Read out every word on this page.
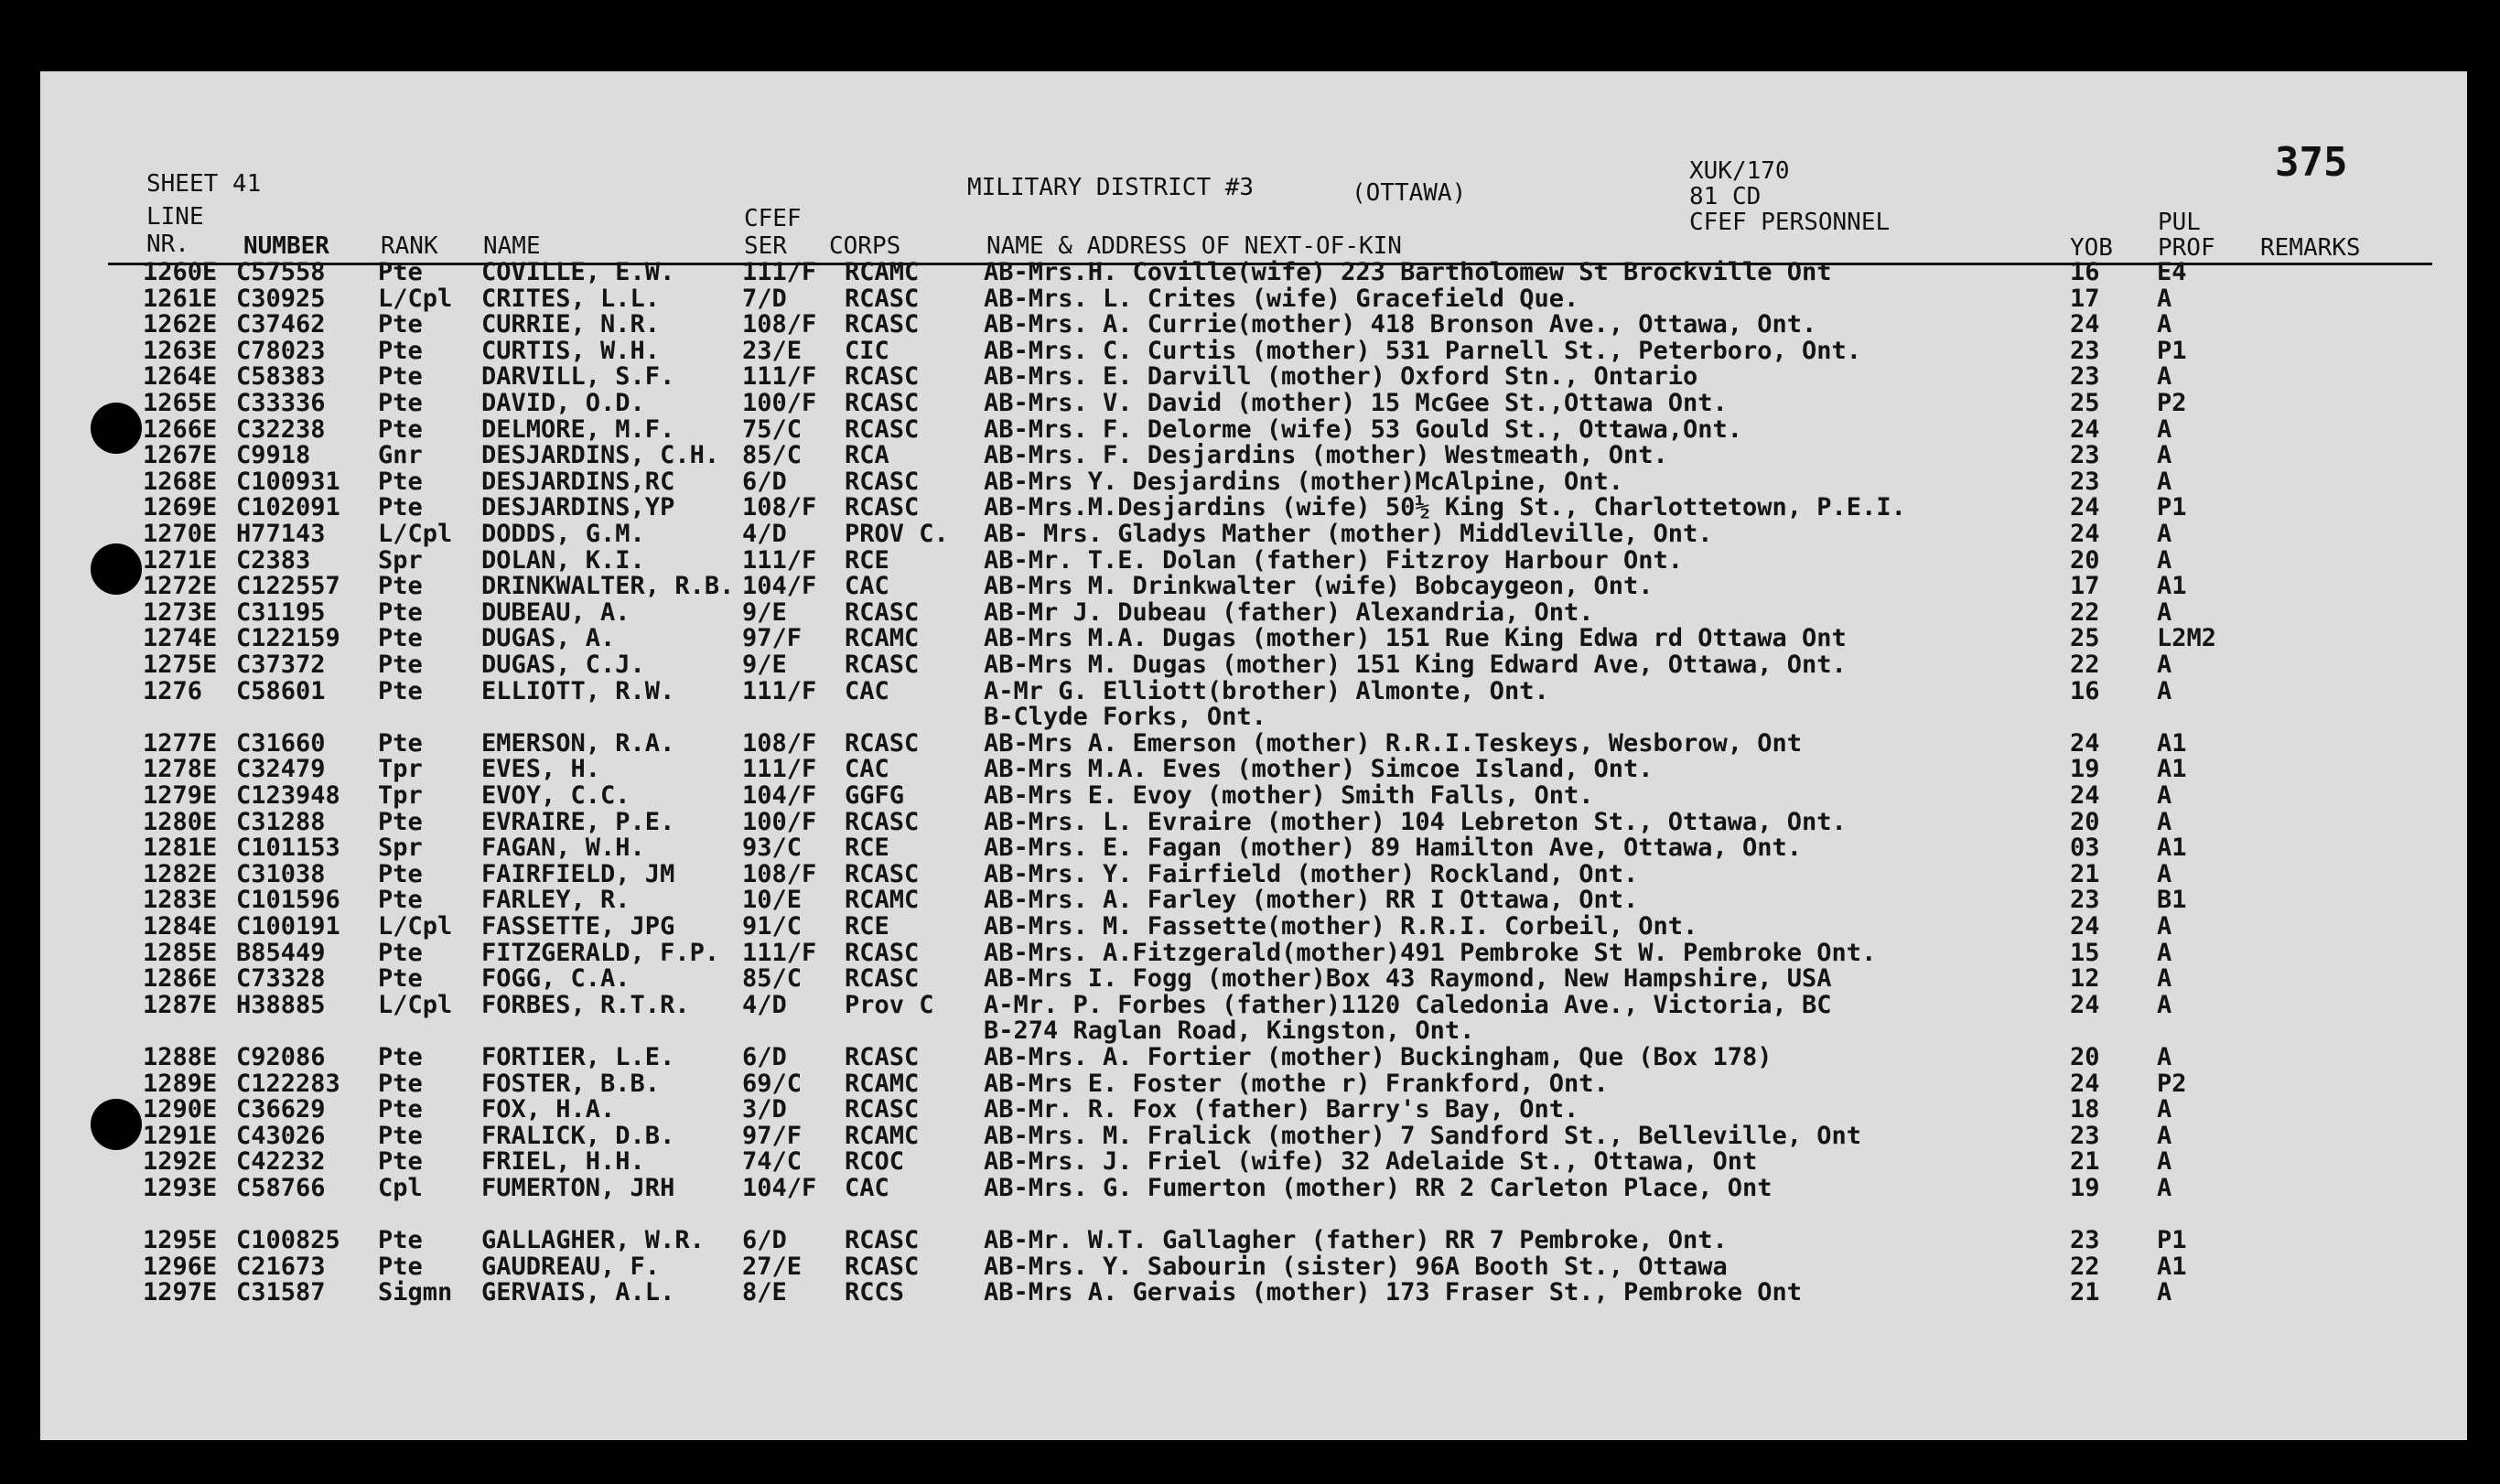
SHEET 41	MILITARY DISTRICT #3	(OTTAWA)
XUK/170
81 CD
CFEF PERSONNEL
375
LINE
NR. NUMBER RANK NAME
CFEF
SER CORPS	NAME & ADDRESS OF NEXT-OF-KIN	YOB
PUL
PROF REMARKS
1260E C57558 Pte COVILLE, E.W.	111/F RCAMC	AB-Mrs.H. Coville(wife) 223 Bartholomew St Brockville Ont	16 E4
1261E C30925 L/Cpl CRITES, L.L.	7/D RCASC	AB-Mrs. L. Crites (wife) Gracefield Que.	17 A
1262E C37462 Pte CURRIE, N.R.	108/F RCASC	AB-Mrs. A. Currie(mother) 418 Bronson Ave., Ottawa, Ont.	24 A
1263E C78023 Pte CURTIS, W.H.	23/E CIC	AB-Mrs. C. Curtis (mother) 531 Parnell St., Peterboro, Ont.	23 P1
1264E C58383 Pte DARVILL, S.F.	111/F RCASC	AB-Mrs. E. Darvill (mother) Oxford Stn., Ontario	23 A
1265E C33336 Pte DAVID, O.D.	100/F RCASC	AB-Mrs. V. David (mother) 15 McGee St.,Ottawa Ont.	25 P2
1266E C32238 Pte DELMORE, M.F.	75/C RCASC	AB-Mrs. F. Delorme (wife) 53 Gould St., Ottawa,Ont.	24 A
1267E C9918	Gnr DESJARDINS, C.H. 85/C RCA	AB-Mrs. F. Desjardins (mother) Westmeath, Ont.	23 A
1268E C100931 Pte DESJARDINS,RC	6/D RCASC	AB-Mrs Y. Desjardins (mother)McAlpine, Ont.	23 A
1269E C102091 Pte DESJARDINS,YP	108/F RCASC	AB-Mrs.M.Desjardins (wife) 50½ King St., Charlottetown, P.E.I.	24 P1
1270E H77143 L/Cpl DODDS, G.M.	4/D PROV C. AB- Mrs. Gladys Mather (mother) Middleville, Ont.	24 A
1271E C2383	Spr DOLAN, K.I.	111/F RCE	AB-Mr. T.E. Dolan (father) Fitzroy Harbour Ont.	20 A
1272E C122557 Pte DRINKWALTER, R.B. 104/F CAC	AB-Mrs M. Drinkwalter (wife) Bobcaygeon, Ont.	17 A1
1273E C31195 Pte DUBEAU, A.	9/E RCASC	AB-Mr J. Dubeau (father) Alexandria, Ont.	22 A
1274E C122159 Pte DUGAS, A.	97/F RCAMC	AB-Mrs M.A. Dugas (mother) 151 Rue King Edwa rd Ottawa Ont	25 L2M2
1275E C37372 Pte DUGAS, C.J.	9/E RCASC	AB-Mrs M. Dugas (mother) 151 King Edward Ave, Ottawa, Ont.	22 A
1276 C58601 Pte ELLIOTT, R.W.	111/F CAC	A-Mr G. Elliott(brother) Almonte, Ont.	16 A
B-Clyde Forks, Ont.
1277E C31660 Pte EMERSON, R.A.	108/F RCASC	AB-Mrs A. Emerson (mother) R.R.I.Teskeys, Wesborow, Ont	24 A1
1278E C32479 Tpr EVES, H.	111/F CAC	AB-Mrs M.A. Eves (mother) Simcoe Island, Ont.	19 A1
1279E C123948 Tpr EVOY, C.C.	104/F GGFG	AB-Mrs E. Evoy (mother) Smith Falls, Ont.	24 A
1280E C31288 Pte EVRAIRE, P.E.	100/F RCASC	AB-Mrs. L. Evraire (mother) 104 Lebreton St., Ottawa, Ont.	20 A
1281E C101153 Spr FAGAN, W.H.	93/C RCE	AB-Mrs. E. Fagan (mother) 89 Hamilton Ave, Ottawa, Ont.	03 A1
1282E C31038 Pte FAIRFIELD, JM	108/F RCASC	AB-Mrs. Y. Fairfield (mother) Rockland, Ont.	21 A
1283E C101596 Pte FARLEY, R.	10/E RCAMC	AB-Mrs. A. Farley (mother) RR I Ottawa, Ont.	23 B1
1284E C100191 L/Cpl FASSETTE, JPG	91/C RCE	AB-Mrs. M. Fassette(mother) R.R.I. Corbeil, Ont.	24 A
1285E B85449 Pte FITZGERALD, F.P. 111/F RCASC	AB-Mrs. A.Fitzgerald(mother)491 Pembroke St W. Pembroke Ont.	15 A
1286E C73328 Pte FOGG, C.A.	85/C RCASC	AB-Mrs I. Fogg (mother)Box 43 Raymond, New Hampshire, USA	12 A
1287E H38885 L/Cpl FORBES, R.T.R. 4/D Prov C A-Mr. P. Forbes (father)1120 Caledonia Ave., Victoria, BC	24 A
B-274 Raglan Road, Kingston, Ont.
1288E C92086 Pte FORTIER, L.E.	6/D RCASC	AB-Mrs. A. Fortier (mother) Buckingham, Que (Box 178)	20 A
1289E C122283 Pte FOSTER, B.B.	69/C RCAMC	AB-Mrs E. Foster (mothe r) Frankford, Ont.	24 P2
1290E C36629 Pte FOX, H.A.	3/D RCASC	AB-Mr. R. Fox (father) Barry's Bay, Ont.	18 A
1291E C43026 Pte FRALICK, D.B.	97/F RCAMC	AB-Mrs. M. Fralick (mother) 7 Sandford St., Belleville, Ont	23 A
1292E C42232 Pte FRIEL, H.H.	74/C RCOC	AB-Mrs. J. Friel (wife) 32 Adelaide St., Ottawa, Ont	21 A
1293E C58766 Cpl FUMERTON, JRH	104/F CAC	AB-Mrs. G. Fumerton (mother) RR 2 Carleton Place, Ont	19 A
1295E C100825 Pte GALLAGHER, W.R. 6/D RCASC	AB-Mr. W.T. Gallagher (father) RR 7 Pembroke, Ont.	23 P1
1296E C21673 Pte GAUDREAU, F.	27/E RCASC	AB-Mrs. Y. Sabourin (sister) 96A Booth St., Ottawa	22 A1
1297E C31587 Sigmn GERVAIS, A.L.	8/E RCCS	AB-Mrs A. Gervais (mother) 173 Fraser St., Pembroke Ont	21 A
